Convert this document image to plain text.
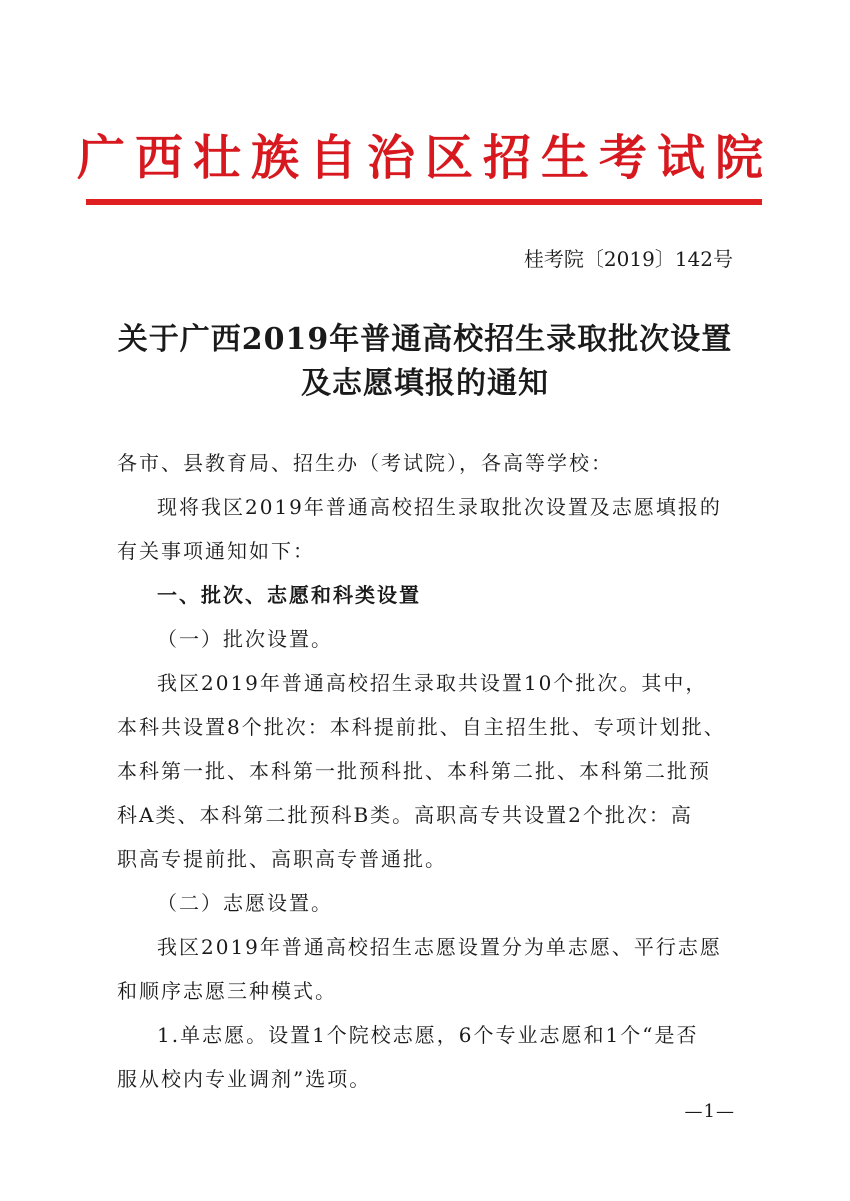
广西壮族自治区招生考试院
桂考院〔2019〕142号
关于广西2019年普通高校招生录取批次设置
及志愿填报的通知
各市、县教育局、招生办（考试院），各高等学校：
现将我区2019年普通高校招生录取批次设置及志愿填报的
有关事项通知如下：
一、批次、志愿和科类设置
（一）批次设置。
我区2019年普通高校招生录取共设置10个批次。其中，
本科共设置8个批次：本科提前批、自主招生批、专项计划批、
本科第一批、本科第一批预科批、本科第二批、本科第二批预
科A类、本科第二批预科B类。高职高专共设置2个批次：高
职高专提前批、高职高专普通批。
（二）志愿设置。
我区2019年普通高校招生志愿设置分为单志愿、平行志愿
和顺序志愿三种模式。
1.单志愿。设置1个院校志愿，6个专业志愿和1个“是否
服从校内专业调剂”选项。
—1—
